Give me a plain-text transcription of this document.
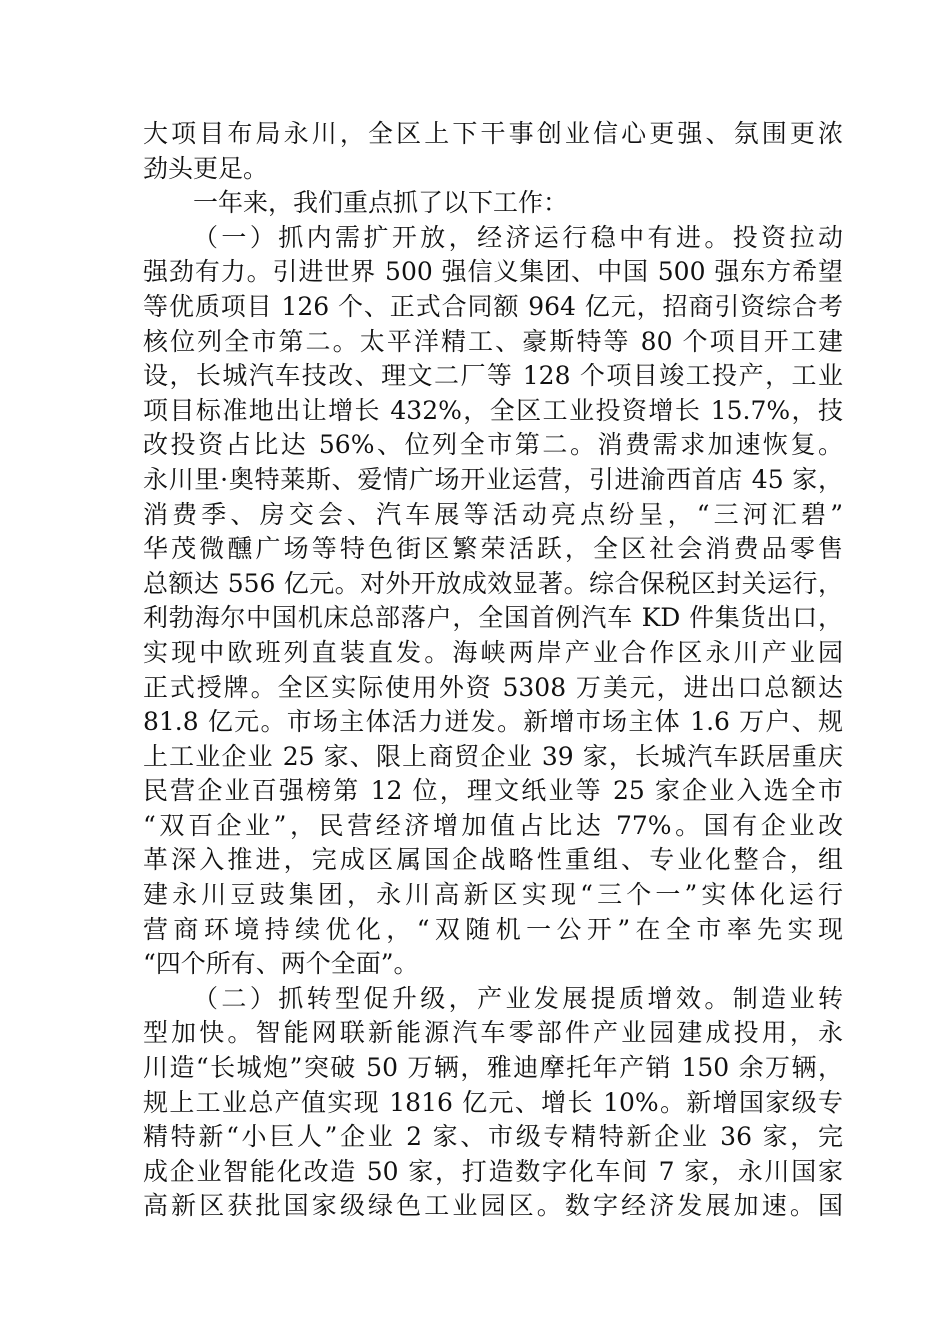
大项目布局永川，全区上下干事创业信心更强、氛围更浓
劲头更足。
一年来，我们重点抓了以下工作：
（一）抓内需扩开放，经济运行稳中有进。投资拉动
强劲有力。引进世界 500 强信义集团、中国 500 强东方希望
等优质项目 126 个、正式合同额 964 亿元，招商引资综合考
核位列全市第二。太平洋精工、豪斯特等 80 个项目开工建
设，长城汽车技改、理文二厂等 128 个项目竣工投产，工业
项目标准地出让增长 432%，全区工业投资增长 15.7%，技
改投资占比达 56%、位列全市第二。消费需求加速恢复。
永川里·奥特莱斯、爱情广场开业运营，引进渝西首店 45 家，
消费季、房交会、汽车展等活动亮点纷呈，“三河汇碧”
华茂微醺广场等特色街区繁荣活跃，全区社会消费品零售
总额达 556 亿元。对外开放成效显著。综合保税区封关运行，
利勃海尔中国机床总部落户，全国首例汽车 KD 件集货出口，
实现中欧班列直装直发。海峡两岸产业合作区永川产业园
正式授牌。全区实际使用外资 5308 万美元，进出口总额达
81.8 亿元。市场主体活力迸发。新增市场主体 1.6 万户、规
上工业企业 25 家、限上商贸企业 39 家，长城汽车跃居重庆
民营企业百强榜第 12 位，理文纸业等 25 家企业入选全市
“双百企业”，民营经济增加值占比达 77%。国有企业改
革深入推进，完成区属国企战略性重组、专业化整合，组
建永川豆豉集团，永川高新区实现“三个一”实体化运行
营商环境持续优化，“双随机一公开”在全市率先实现
“四个所有、两个全面”。
（二）抓转型促升级，产业发展提质增效。制造业转
型加快。智能网联新能源汽车零部件产业园建成投用，永
川造“长城炮”突破 50 万辆，雅迪摩托年产销 150 余万辆，
规上工业总产值实现 1816 亿元、增长 10%。新增国家级专
精特新“小巨人”企业 2 家、市级专精特新企业 36 家，完
成企业智能化改造 50 家，打造数字化车间 7 家，永川国家
高新区获批国家级绿色工业园区。数字经济发展加速。国
